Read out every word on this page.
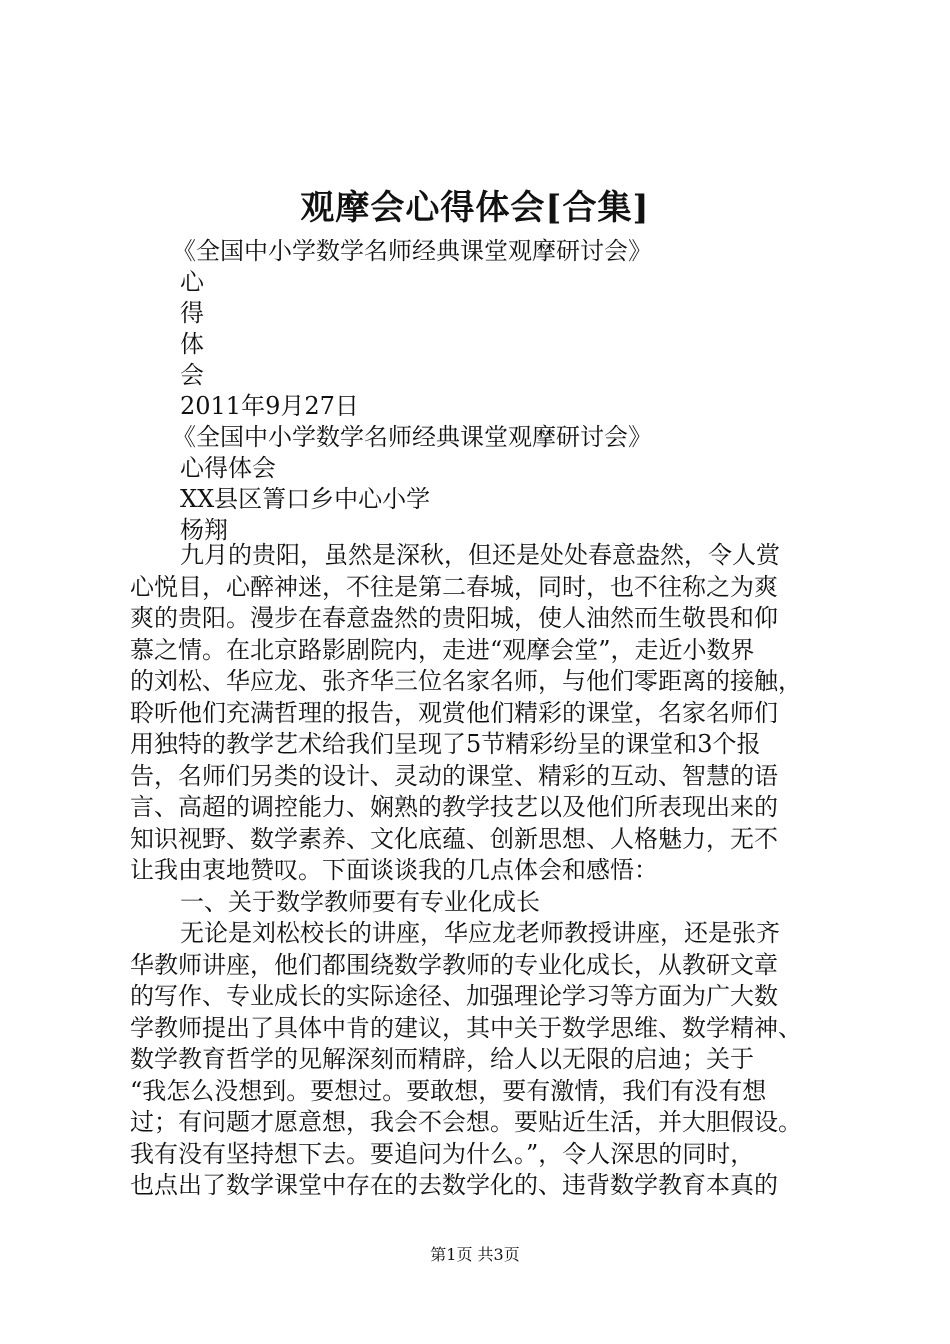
观摩会心得体会[合集]
《全国中小学数学名师经典课堂观摩研讨会》
心
得
体
会
2011年9月27日
《全国中小学数学名师经典课堂观摩研讨会》
心得体会
XX县区箐口乡中心小学
杨翔
九月的贵阳，虽然是深秋，但还是处处春意盎然，令人赏
心悦目，心醉神迷，不往是第二春城，同时，也不往称之为爽
爽的贵阳。漫步在春意盎然的贵阳城，使人油然而生敬畏和仰
慕之情。在北京路影剧院内，走进“观摩会堂”，走近小数界
的刘松、华应龙、张齐华三位名家名师，与他们零距离的接触，
聆听他们充满哲理的报告，观赏他们精彩的课堂，名家名师们
用独特的教学艺术给我们呈现了5节精彩纷呈的课堂和3个报
告，名师们另类的设计、灵动的课堂、精彩的互动、智慧的语
言、高超的调控能力、娴熟的教学技艺以及他们所表现出来的
知识视野、数学素养、文化底蕴、创新思想、人格魅力，无不
让我由衷地赞叹。下面谈谈我的几点体会和感悟：
一、关于数学教师要有专业化成长
无论是刘松校长的讲座，华应龙老师教授讲座，还是张齐
华教师讲座，他们都围绕数学教师的专业化成长，从教研文章
的写作、专业成长的实际途径、加强理论学习等方面为广大数
学教师提出了具体中肯的建议，其中关于数学思维、数学精神、
数学教育哲学的见解深刻而精辟，给人以无限的启迪；关于
“我怎么没想到。要想过。要敢想，要有激情，我们有没有想
过；有问题才愿意想，我会不会想。要贴近生活，并大胆假设。
我有没有坚持想下去。要追问为什么。”，令人深思的同时，
也点出了数学课堂中存在的去数学化的、违背数学教育本真的
第1页 共3页
